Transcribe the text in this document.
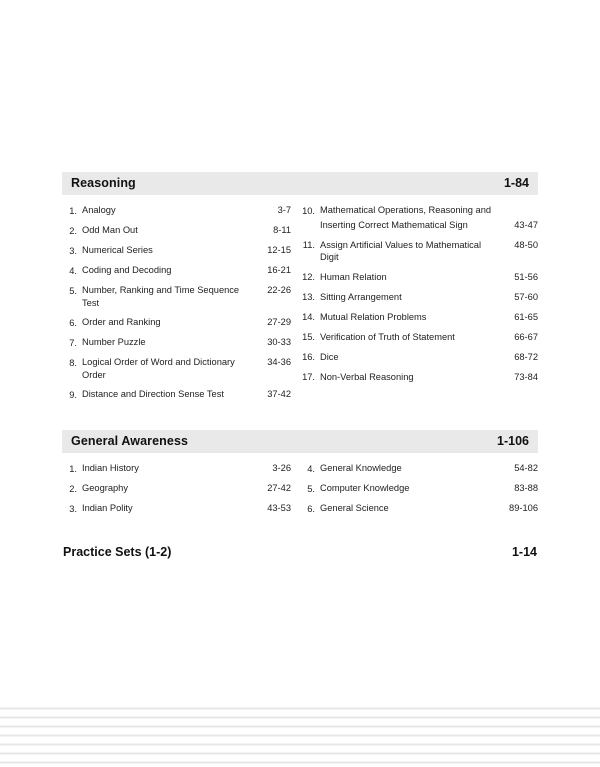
Reasoning	1-84
1. Analogy	3-7
2. Odd Man Out	8-11
3. Numerical Series	12-15
4. Coding and Decoding	16-21
5. Number, Ranking and Time Sequence Test
22-26
6. Order and Ranking	27-29
7. Number Puzzle	30-33
8. Logical Order of Word and Dictionary Order
34-36
9. Distance and Direction Sense Test	37-42
10. Mathematical Operations, Reasoning and
Inserting Correct Mathematical Sign	43-47
11. Assign Artificial Values to Mathematical Digit
48-50
12. Human Relation	51-56
13. Sitting Arrangement	57-60
14. Mutual Relation Problems	61-65
15. Verification of Truth of Statement	66-67
16. Dice	68-72
17. Non-Verbal Reasoning	73-84
General Awareness	1-106
1. Indian History	3-26
2. Geography	27-42
3. Indian Polity	43-53
4. General Knowledge	54-82
5. Computer Knowledge	83-88
6. General Science	89-106
Practice Sets (1-2)	1-14
